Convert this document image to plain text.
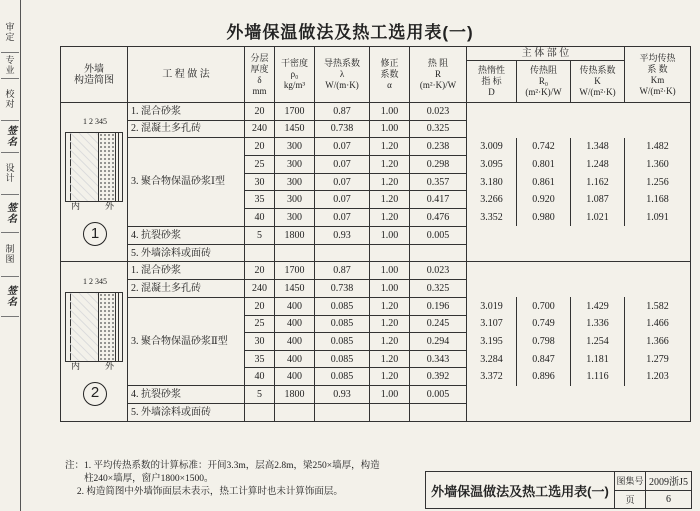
审定
专业
校对
签名
设计
签名
制图
签名
外墙保温做法及热工选用表(一)
外墙
构造简图	工 程 做 法	分层
厚度
δ
mm	干密度
ρ₀
kg/m³	导热系数
λ
W/(m·K)	修正
系数
α	热 阻
R
(m²·K)/W	主 体 部 位			平均传热
系 数
Km
W/(m²·K)
							热惰性
指 标
D	传热阻
R₀
(m²·K)/W	传热系数
K
W/(m²·K)	

1 2 345
内 外
1	1. 混合砂浆	20	1700	0.87	1.00	0.023				
	2. 混凝土多孔砖	240	1450	0.738	1.00	0.325				
	3. 聚合物保温砂浆Ⅰ型	20	300	0.07	1.20	0.238	3.009	0.742	1.348	1.482
		25	300	0.07	1.20	0.298	3.095	0.801	1.248	1.360
		30	300	0.07	1.20	0.357	3.180	0.861	1.162	1.256
		35	300	0.07	1.20	0.417	3.266	0.920	1.087	1.168
		40	300	0.07	1.20	0.476	3.352	0.980	1.021	1.091
	4. 抗裂砂浆	5	1800	0.93	1.00	0.005				
	5. 外墙涂料或面砖									

1 2 345
内 外
2	1. 混合砂浆	20	1700	0.87	1.00	0.023				
	2. 混凝土多孔砖	240	1450	0.738	1.00	0.325				
	3. 聚合物保温砂浆Ⅱ型	20	400	0.085	1.20	0.196	3.019	0.700	1.429	1.582
		25	400	0.085	1.20	0.245	3.107	0.749	1.336	1.466
		30	400	0.085	1.20	0.294	3.195	0.798	1.254	1.366
		35	400	0.085	1.20	0.343	3.284	0.847	1.181	1.279
		40	400	0.085	1.20	0.392	3.372	0.896	1.116	1.203
	4. 抗裂砂浆	5	1800	0.93	1.00	0.005				
	5. 外墙涂料或面砖									
注：1. 平均传热系数的计算标准：开间3.3m，层高2.8m，梁250×墙厚，构造
柱240×墙厚，窗户1800×1500。
2. 构造简图中外墙饰面层未表示，热工计算时也未计算饰面层。	外墙保温做法及热工选用表(一)
图集号 2009浙J5
页	6
